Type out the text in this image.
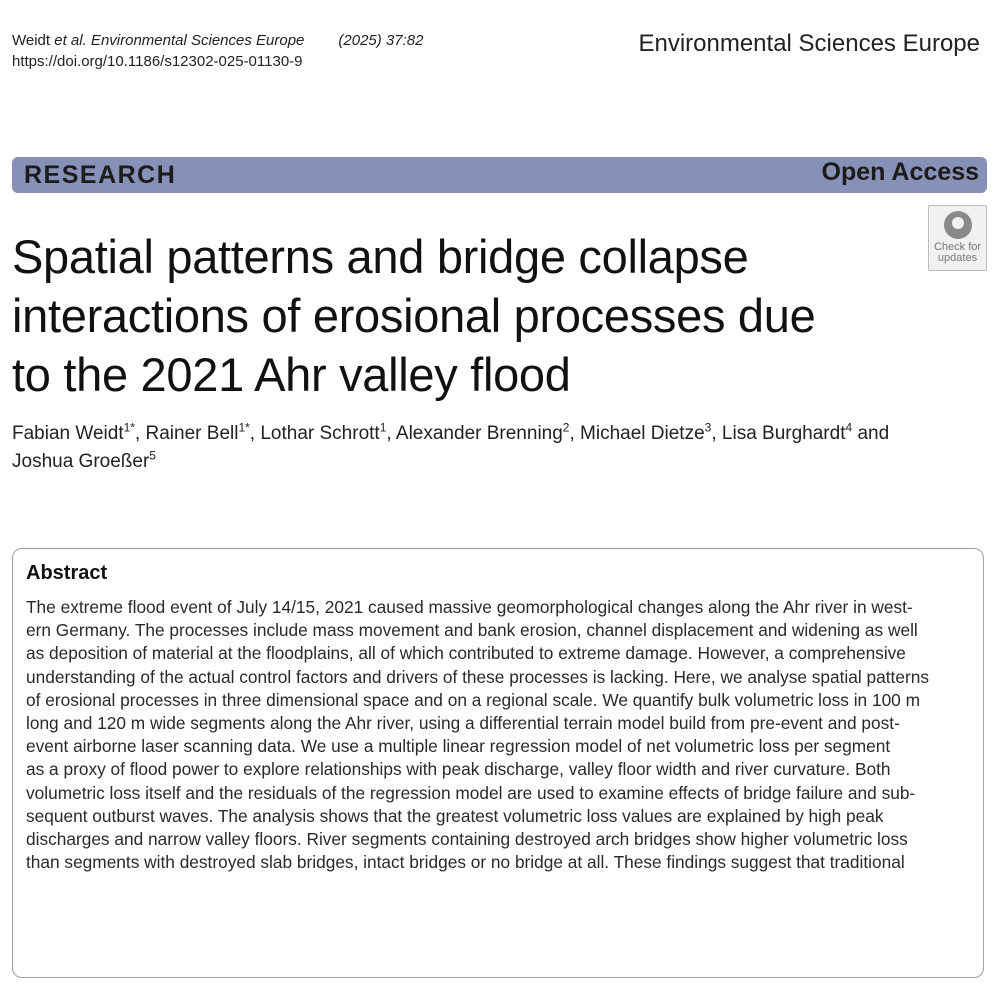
Weidt et al. Environmental Sciences Europe (2025) 37:82
https://doi.org/10.1186/s12302-025-01130-9
Environmental Sciences Europe
RESEARCH	Open Access
Check for
updates
Spatial patterns and bridge collapse
interactions of erosional processes due
to the 2021 Ahr valley flood
Fabian Weidt$^{1*}$, Rainer Bell$^{1*}$, Lothar Schrott$^1$, Alexander Brenning$^2$, Michael Dietze$^3$, Lisa Burghardt$^4$ and
Joshua Groeßer$^5$
Abstract
The extreme flood event of July 14/15, 2021 caused massive geomorphological changes along the Ahr river in west-
ern Germany. The processes include mass movement and bank erosion, channel displacement and widening as well
as deposition of material at the floodplains, all of which contributed to extreme damage. However, a comprehensive
understanding of the actual control factors and drivers of these processes is lacking. Here, we analyse spatial patterns
of erosional processes in three dimensional space and on a regional scale. We quantify bulk volumetric loss in 100 m
long and 120 m wide segments along the Ahr river, using a differential terrain model build from pre-event and post-
event airborne laser scanning data. We use a multiple linear regression model of net volumetric loss per segment
as a proxy of flood power to explore relationships with peak discharge, valley floor width and river curvature. Both
volumetric loss itself and the residuals of the regression model are used to examine effects of bridge failure and sub-
sequent outburst waves. The analysis shows that the greatest volumetric loss values are explained by high peak
discharges and narrow valley floors. River segments containing destroyed arch bridges show higher volumetric loss
than segments with destroyed slab bridges, intact bridges or no bridge at all. These findings suggest that traditional
